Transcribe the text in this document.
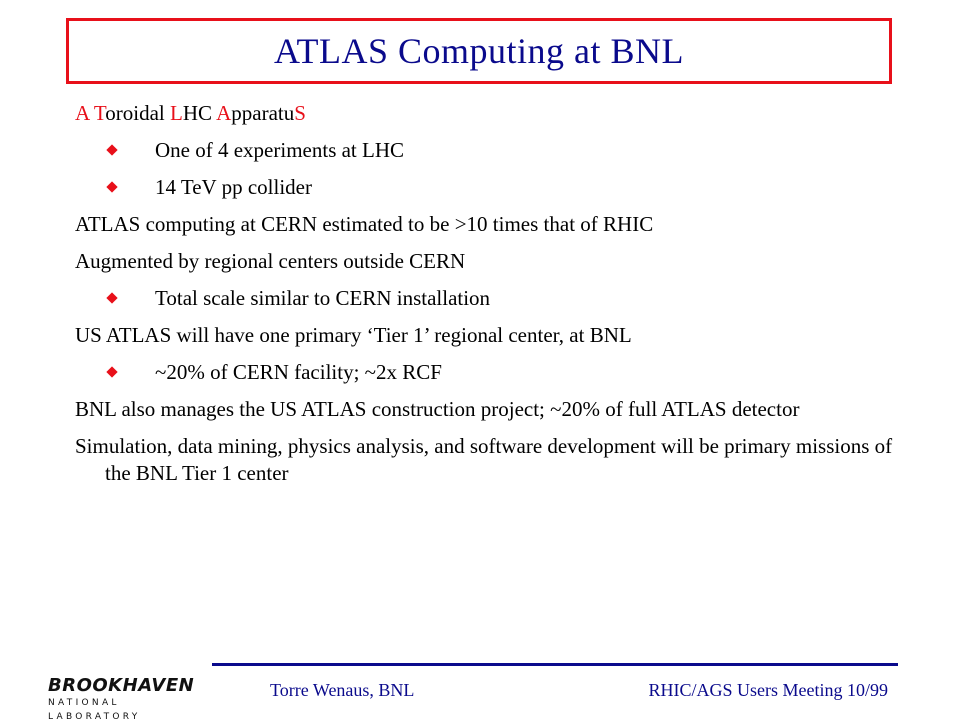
ATLAS Computing at BNL
A Toroidal LHC ApparatuS
One of 4 experiments at LHC
14 TeV pp collider
ATLAS computing at CERN estimated to be >10 times that of RHIC
Augmented by regional centers outside CERN
Total scale similar to CERN installation
US ATLAS will have one primary ‘Tier 1’ regional center, at BNL
~20% of CERN facility; ~2x RCF
BNL also manages the US ATLAS construction project; ~20% of full ATLAS detector
Simulation, data mining, physics analysis, and software development will be primary missions of the BNL Tier 1 center
BROOKHAVEN
NATIONAL LABORATORY
Torre Wenaus, BNL	RHIC/AGS Users Meeting 10/99
